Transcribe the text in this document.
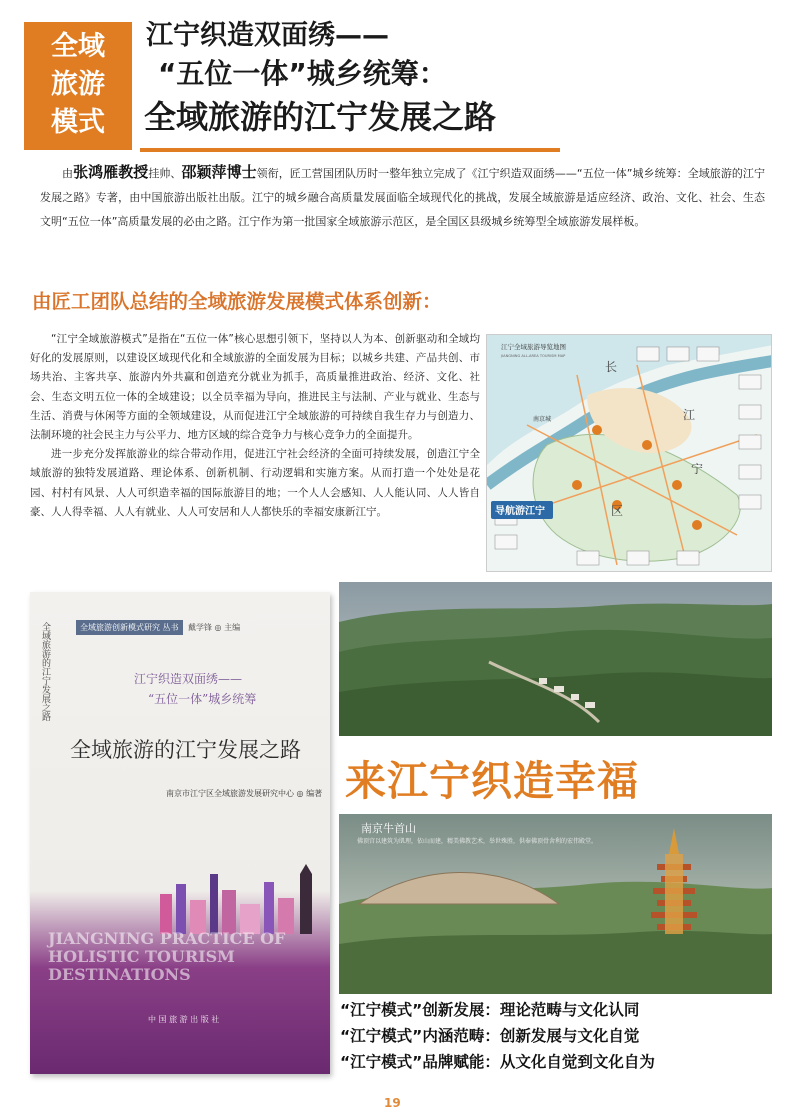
全域
旅游
模式
江宁织造双面绣——
“五位一体”城乡统筹：
全域旅游的江宁发展之路
由张鸿雁教授挂帅、邵颖萍博士领衔，匠工营国团队历时一整年独立完成了《江宁织造双面绣——“五位一体”城乡统筹：全域旅游的江宁发展之路》专著，由中国旅游出版社出版。江宁的城乡融合高质量发展面临全域现代化的挑战，发展全域旅游是适应经济、政治、文化、社会、生态文明“五位一体”高质量发展的必由之路。江宁作为第一批国家全域旅游示范区，是全国区县级城乡统筹型全域旅游发展样板。
由匠工团队总结的全域旅游发展模式体系创新：

“江宁全域旅游模式”是指在“五位一体”核心思想引领下，坚持以人为本、创新驱动和全域均好化的发展原则，以建设区域现代化和全域旅游的全面发展为目标；以城乡共建、产品共创、市场共治、主客共享、旅游内外共赢和创造充分就业为抓手，高质量推进政治、经济、文化、社会、生态文明五位一体的全域建设；以全员幸福为导向，推进民主与法制、产业与就业、生态与生活、消费与休闲等方面的全领域建设，从而促进江宁全域旅游的可持续自我生存力与创造力、法制环境的社会民主力与公平力、地方区域的综合竞争力与核心竞争力的全面提升。

进一步充分发挥旅游业的综合带动作用，促进江宁社会经济的全面可持续发展，创造江宁全域旅游的独特发展道路、理论体系、创新机制、行动逻辑和实施方案。从而打造一个处处是花园、村村有风景、人人可织造幸福的国际旅游目的地；一个人人会感知、人人能认同、人人皆自豪、人人得幸福、人人有就业、人人可安居和人人都快乐的幸福安康新江宁。

江宁全域旅游导览地图
JIANGNING ALL-AREA TOURISM MAP
南京城
长
江
宁
区
导航游江宁
全域旅游的江宁发展之路	全域旅游创新模式研究 丛书	戴学锋 ◎ 主编
江宁织造双面绣——
“五位一体”城乡统筹
全域旅游的江宁发展之路
南京市江宁区全域旅游发展研究中心 ◎ 编著
JIANGNING PRACTICE OF HOLISTIC TOURISM DESTINATIONS
中 国 旅 游 出 版 社
来江宁织造幸福
南京牛首山
佛顶宫以建筑为肌理，依山而建，精美佛教艺术，举世殊胜，供奉佛顶骨舍利的宏伟殿堂。
“江宁模式”创新发展：理论范畴与文化认同
“江宁模式”内涵范畴：创新发展与文化自觉
“江宁模式”品牌赋能：从文化自觉到文化自为
19
